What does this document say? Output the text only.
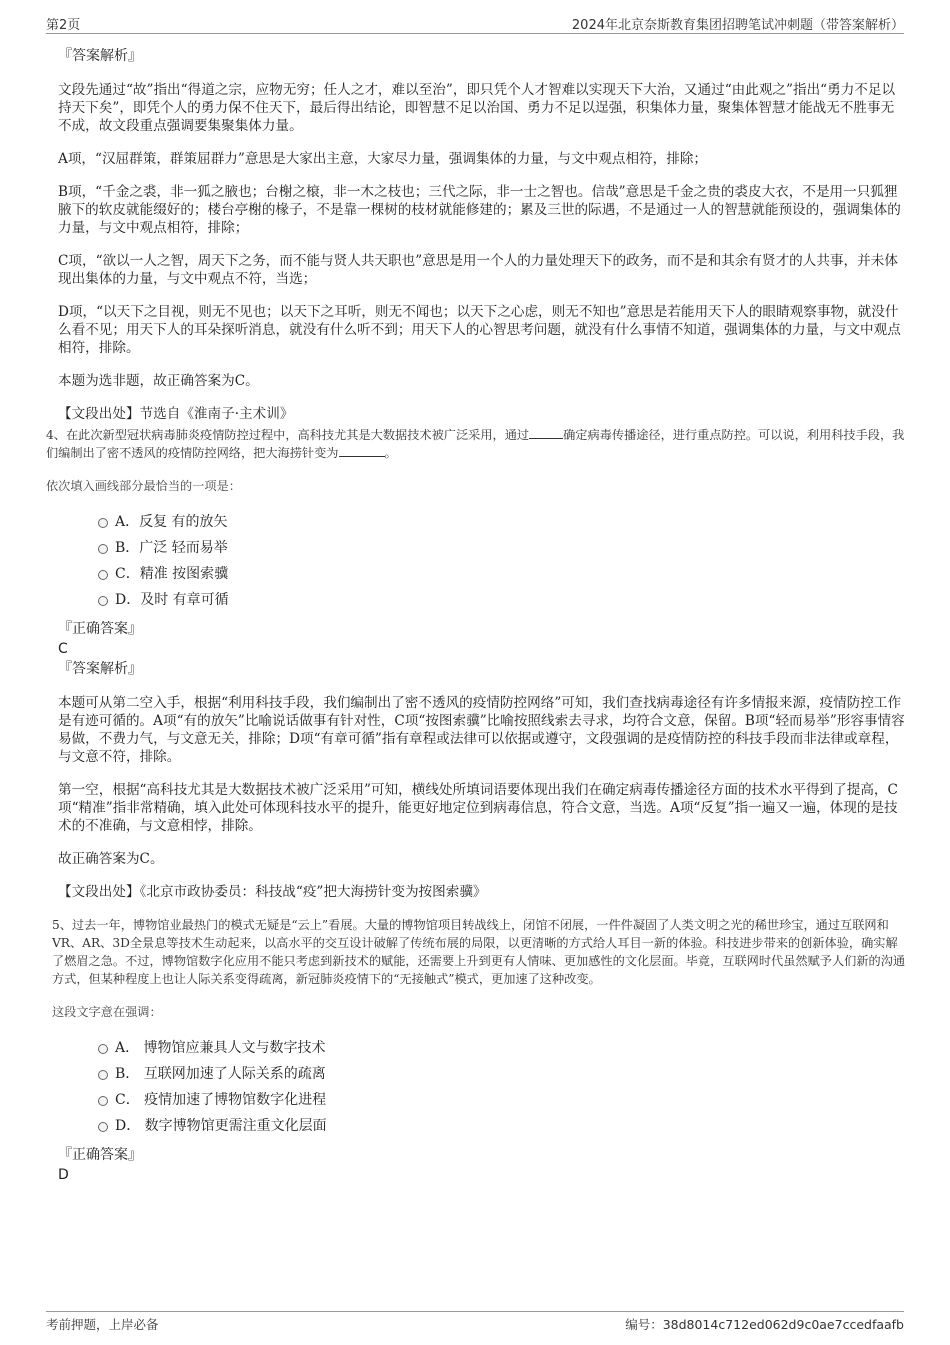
第2页	2024年北京奈斯教育集团招聘笔试冲刺题（带答案解析）
『答案解析』
文段先通过“故”指出“得道之宗，应物无穷；任人之才，难以至治”，即只凭个人才智难以实现天下大治，又通过“由此观之”指出“勇力不足以持天下矣”，即凭个人的勇力保不住天下，最后得出结论，即智慧不足以治国、勇力不足以逞强，积集体力量，聚集体智慧才能战无不胜事无不成，故文段重点强调要集聚集体力量。
A项，“汉屈群策，群策屈群力”意思是大家出主意，大家尽力量，强调集体的力量，与文中观点相符，排除；
B项，“千金之裘，非一狐之腋也；台榭之榱，非一木之枝也；三代之际，非一士之智也。信哉”意思是千金之贵的裘皮大衣，不是用一只狐狸腋下的软皮就能缀好的；楼台亭榭的椽子，不是靠一棵树的枝材就能修建的；累及三世的际遇，不是通过一人的智慧就能预设的，强调集体的力量，与文中观点相符，排除；
C项，“欲以一人之智，周天下之务，而不能与贤人共天职也”意思是用一个人的力量处理天下的政务，而不是和其余有贤才的人共事，并未体现出集体的力量，与文中观点不符，当选；
D项，“以天下之目视，则无不见也；以天下之耳听，则无不闻也；以天下之心虑，则无不知也”意思是若能用天下人的眼睛观察事物，就没什么看不见；用天下人的耳朵探听消息，就没有什么听不到；用天下人的心智思考问题，就没有什么事情不知道，强调集体的力量，与文中观点相符，排除。
本题为选非题，故正确答案为C。
【文段出处】节选自《淮南子·主术训》
4、在此次新型冠状病毒肺炎疫情防控过程中，高科技尤其是大数据技术被广泛采用，通过	确定病毒传播途径，进行重点防控。可以说，利用科技手段，我们编制出了密不透风的疫情防控网络，把大海捞针变为	。
依次填入画线部分最恰当的一项是：
A．反复 有的放矢
B．广泛 轻而易举
C．精准 按图索骥
D．及时 有章可循
『正确答案』
C
『答案解析』
本题可从第二空入手，根据“利用科技手段，我们编制出了密不透风的疫情防控网络”可知，我们查找病毒途径有许多情报来源，疫情防控工作是有迹可循的。A项“有的放矢”比喻说话做事有针对性，C项“按图索骥”比喻按照线索去寻求，均符合文意，保留。B项“轻而易举”形容事情容易做，不费力气，与文意无关，排除；D项“有章可循”指有章程或法律可以依据或遵守，文段强调的是疫情防控的科技手段而非法律或章程，与文意不符，排除。
第一空，根据“高科技尤其是大数据技术被广泛采用”可知，横线处所填词语要体现出我们在确定病毒传播途径方面的技术水平得到了提高，C项“精准”指非常精确，填入此处可体现科技水平的提升，能更好地定位到病毒信息，符合文意，当选。A项“反复”指一遍又一遍，体现的是技术的不准确，与文意相悖，排除。
故正确答案为C。
【文段出处】《北京市政协委员：科技战“疫”把大海捞针变为按图索骥》
5、过去一年，博物馆业最热门的模式无疑是“云上”看展。大量的博物馆项目转战线上，闭馆不闭展，一件件凝固了人类文明之光的稀世珍宝，通过互联网和VR、AR、3D全景息等技术生动起来，以高水平的交互设计破解了传统布展的局限，以更清晰的方式给人耳目一新的体验。科技进步带来的创新体验，确实解了燃眉之急。不过，博物馆数字化应用不能只考虑到新技术的赋能，还需要上升到更有人情味、更加感性的文化层面。毕竟，互联网时代虽然赋予人们新的沟通方式，但某种程度上也让人际关系变得疏离，新冠肺炎疫情下的“无接触式”模式，更加速了这种改变。
这段文字意在强调：
A． 博物馆应兼具人文与数字技术
B． 互联网加速了人际关系的疏离
C． 疫情加速了博物馆数字化进程
D． 数字博物馆更需注重文化层面
『正确答案』
D
考前押题，上岸必备	编号：38d8014c712ed062d9c0ae7ccedfaafb
